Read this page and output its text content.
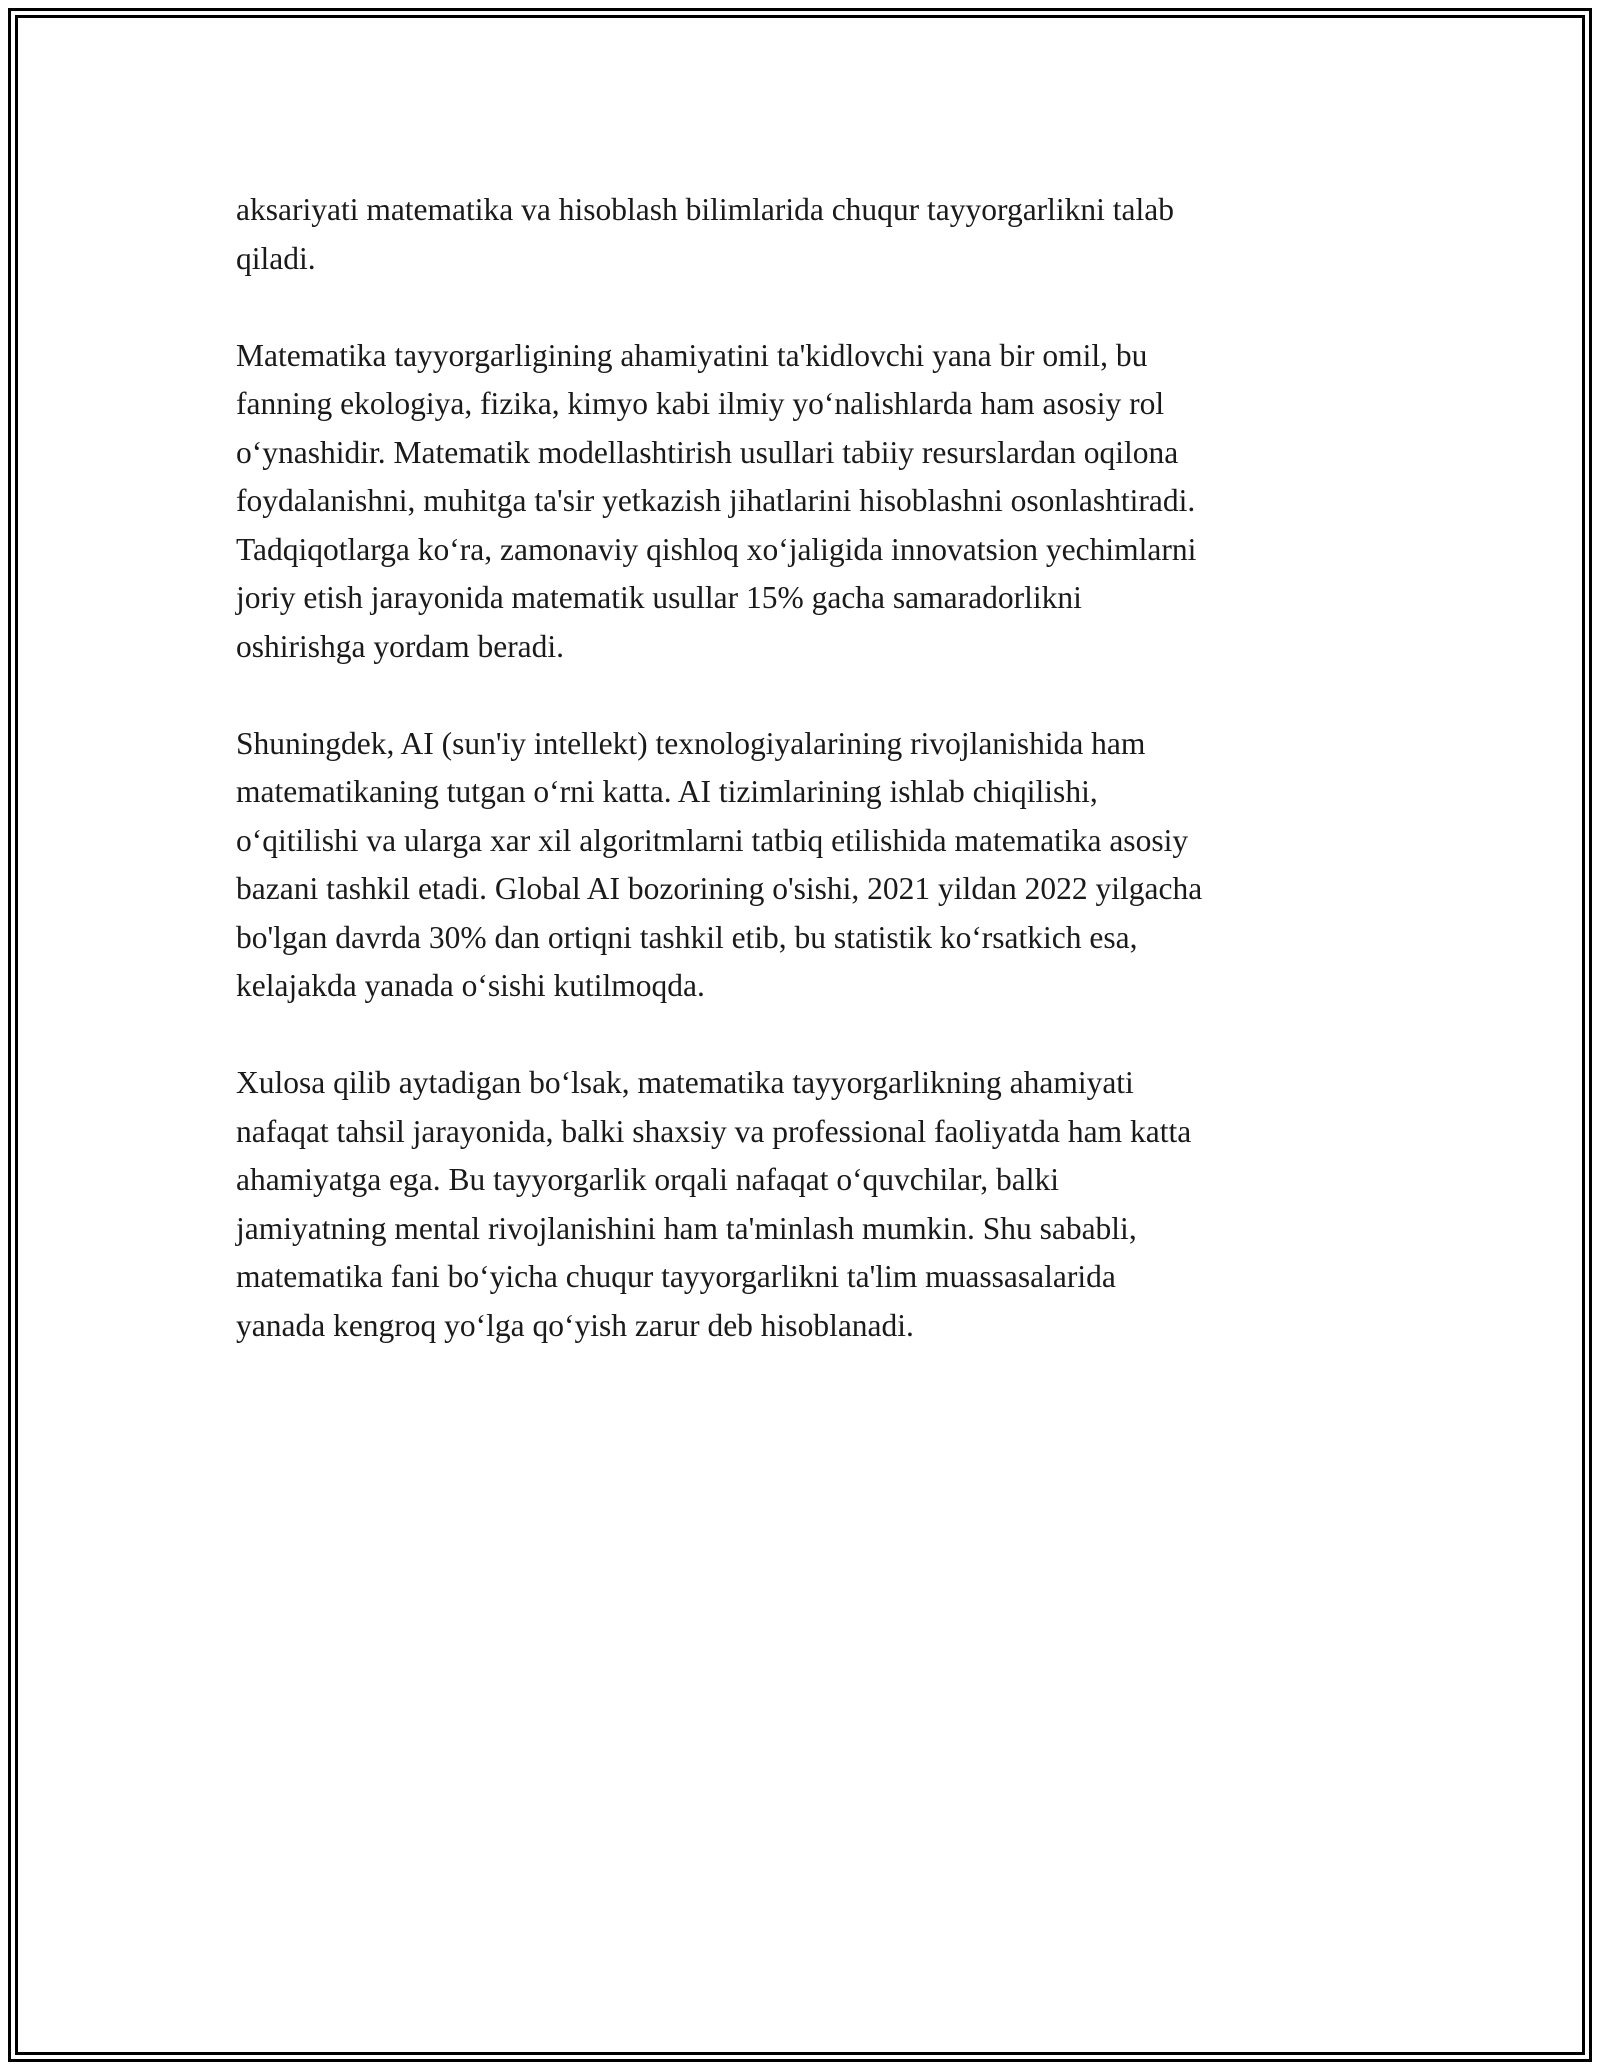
aksariyati matematika va hisoblash bilimlarida chuqur tayyorgarlikni talab
qiladi.

Matematika tayyorgarligining ahamiyatini ta'kidlovchi yana bir omil, bu
fanning ekologiya, fizika, kimyo kabi ilmiy yo‘nalishlarda ham asosiy rol
o‘ynashidir. Matematik modellashtirish usullari tabiiy resurslardan oqilona
foydalanishni, muhitga ta'sir yetkazish jihatlarini hisoblashni osonlashtiradi.
Tadqiqotlarga ko‘ra, zamonaviy qishloq xo‘jaligida innovatsion yechimlarni
joriy etish jarayonida matematik usullar 15% gacha samaradorlikni
oshirishga yordam beradi.

Shuningdek, AI (sun'iy intellekt) texnologiyalarining rivojlanishida ham
matematikaning tutgan o‘rni katta. AI tizimlarining ishlab chiqilishi,
o‘qitilishi va ularga xar xil algoritmlarni tatbiq etilishida matematika asosiy
bazani tashkil etadi. Global AI bozorining o'sishi, 2021 yildan 2022 yilgacha
bo'lgan davrda 30% dan ortiqni tashkil etib, bu statistik ko‘rsatkich esa,
kelajakda yanada o‘sishi kutilmoqda.

Xulosa qilib aytadigan bo‘lsak, matematika tayyorgarlikning ahamiyati
nafaqat tahsil jarayonida, balki shaxsiy va professional faoliyatda ham katta
ahamiyatga ega. Bu tayyorgarlik orqali nafaqat o‘quvchilar, balki
jamiyatning mental rivojlanishini ham ta'minlash mumkin. Shu sababli,
matematika fani bo‘yicha chuqur tayyorgarlikni ta'lim muassasalarida
yanada kengroq yo‘lga qo‘yish zarur deb hisoblanadi.
